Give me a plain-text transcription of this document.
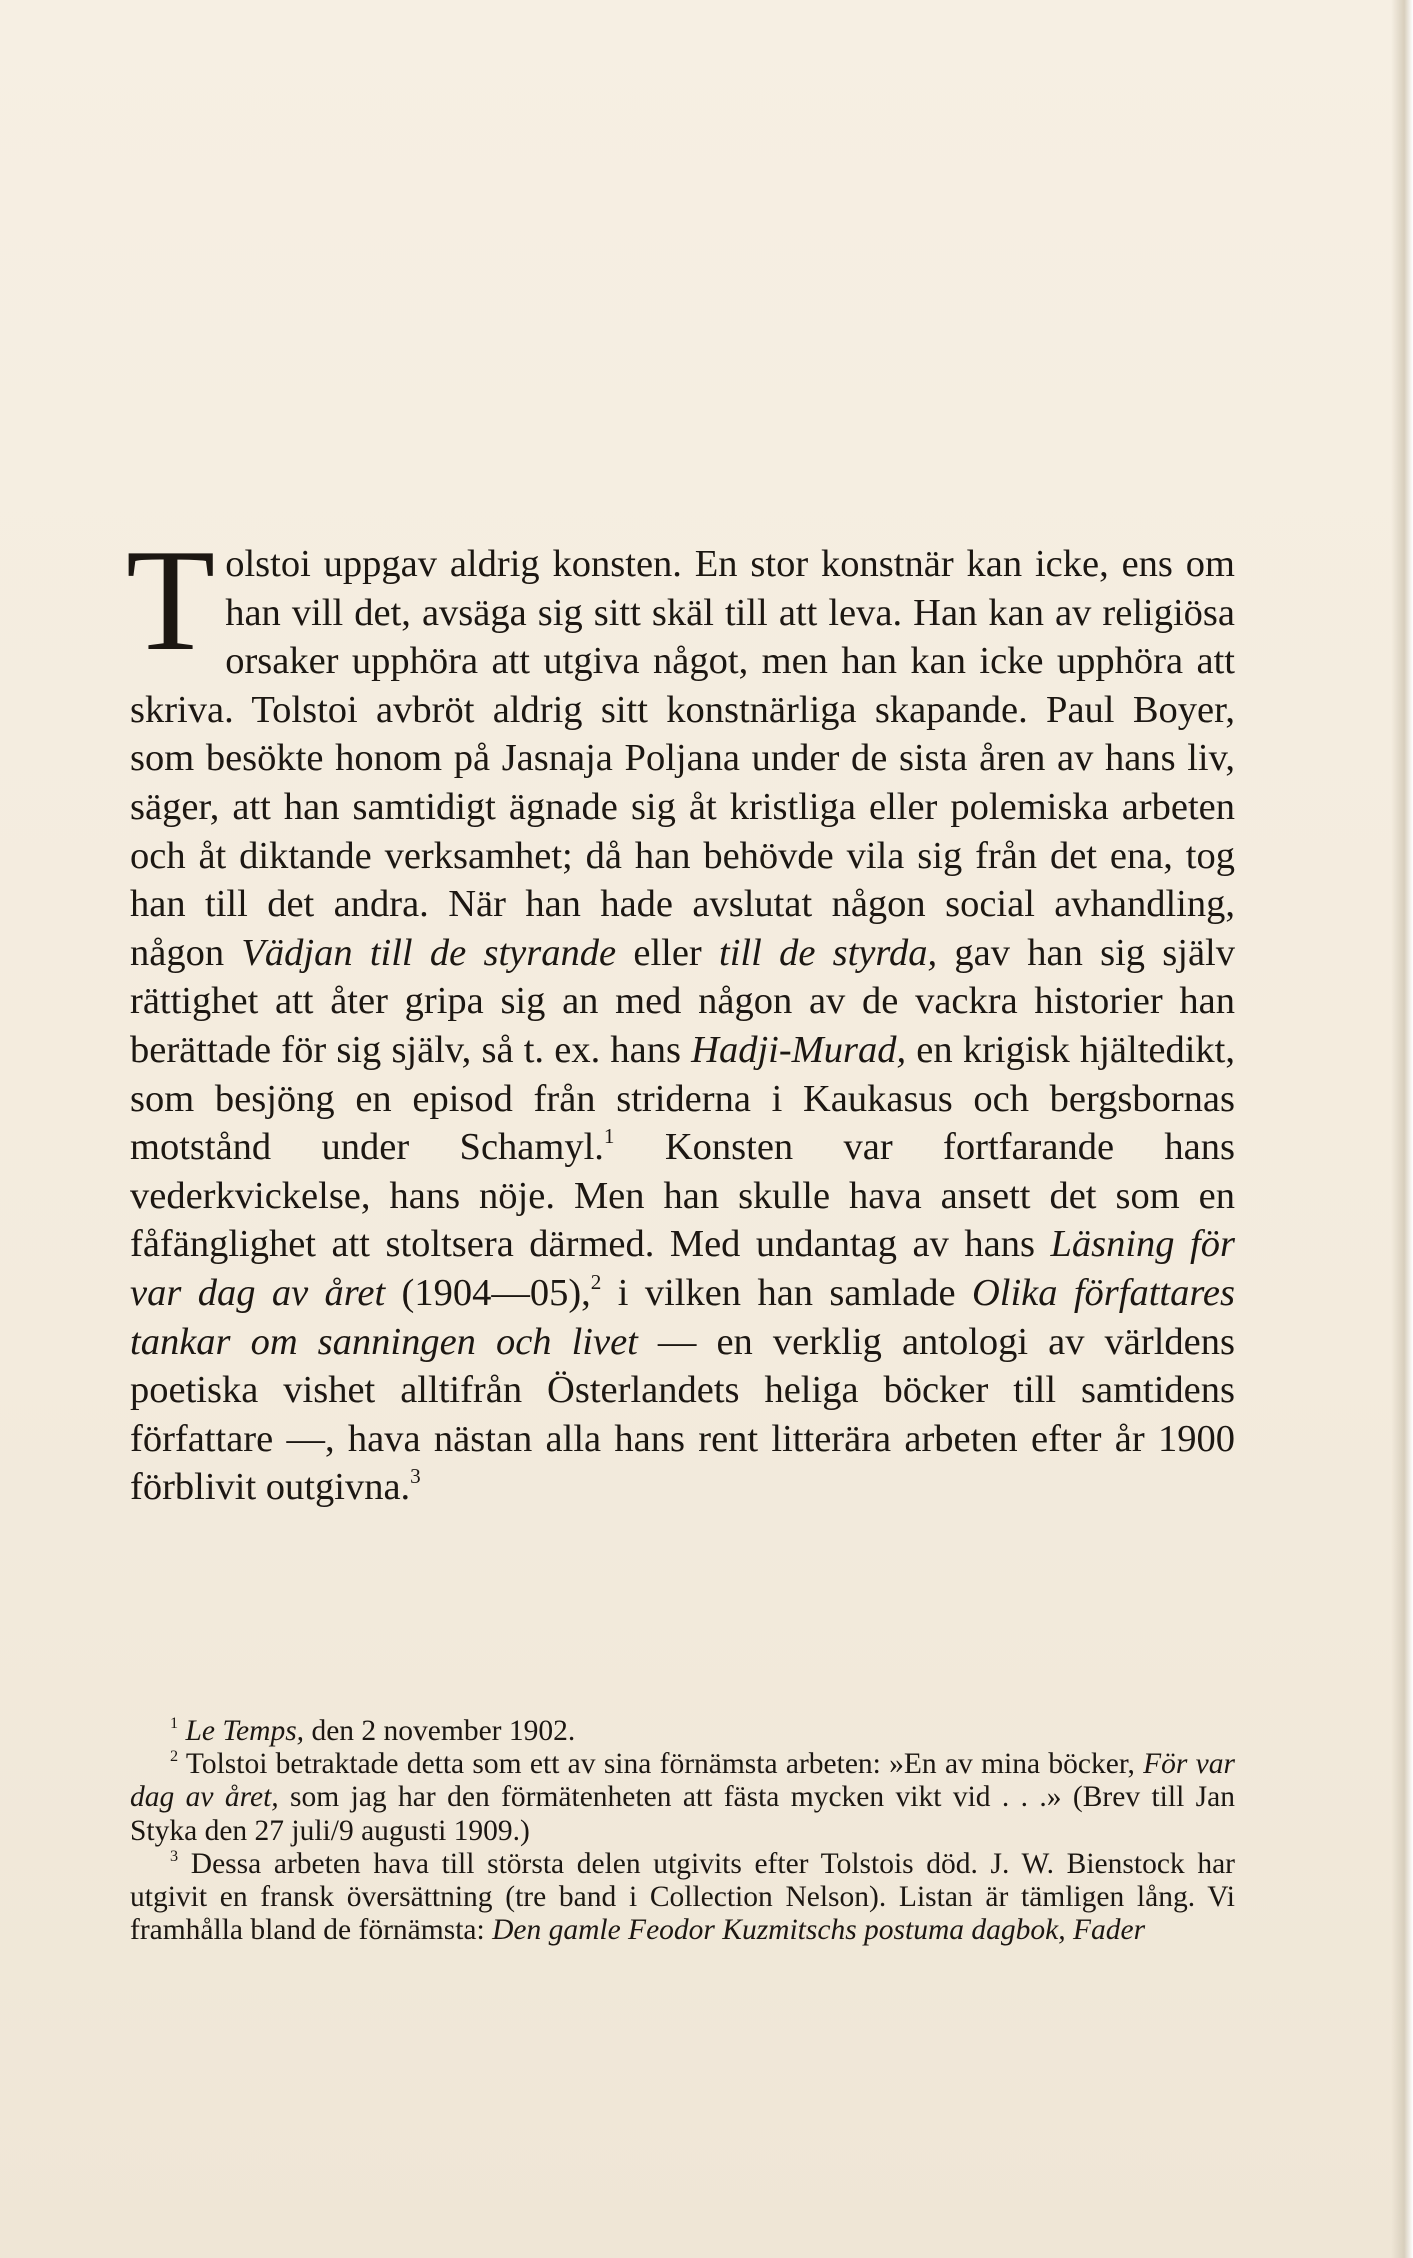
Tolstoi uppgav aldrig konsten. En stor konstnär kan icke, ens om han vill det, avsäga sig sitt skäl till att leva. Han kan av religiösa orsaker upphöra att utgiva något, men han kan icke upphöra att skriva. Tolstoi avbröt aldrig sitt konstnärliga skapande. Paul Boyer, som besökte honom på Jasnaja Poljana under de sista åren av hans liv, säger, att han samtidigt ägnade sig åt kristliga eller polemiska arbeten och åt diktande verksamhet; då han behövde vila sig från det ena, tog han till det andra. När han hade avslutat någon social avhandling, någon Vädjan till de styrande eller till de styrda, gav han sig själv rättighet att åter gripa sig an med någon av de vackra historier han berättade för sig själv, så t. ex. hans Hadji-Murad, en krigisk hjältedikt, som besjöng en episod från striderna i Kaukasus och bergsbornas motstånd under Schamyl.$^1$ Konsten var fortfarande hans vederkvickelse, hans nöje. Men han skulle hava ansett det som en fåfänglighet att stoltsera därmed. Med undantag av hans Läsning för var dag av året (1904—05),$^2$ i vilken han samlade Olika författares tankar om sanningen och livet — en verklig antologi av världens poetiska vishet alltifrån Österlandets heliga böcker till samtidens författare —, hava nästan alla hans rent litterära arbeten efter år 1900 förblivit outgivna.$^3$

$^1$ Le Temps, den 2 november 1902.

$^2$ Tolstoi betraktade detta som ett av sina förnämsta arbeten: »En av mina böcker, För var dag av året, som jag har den förmätenheten att fästa mycken vikt vid . . .» (Brev till Jan Styka den 27 juli/9 augusti 1909.)

$^3$ Dessa arbeten hava till största delen utgivits efter Tolstois död. J. W. Bienstock har utgivit en fransk översättning (tre band i Collection Nelson). Listan är tämligen lång. Vi framhålla bland de förnämsta: Den gamle Feodor Kuzmitschs postuma dagbok, Fader
